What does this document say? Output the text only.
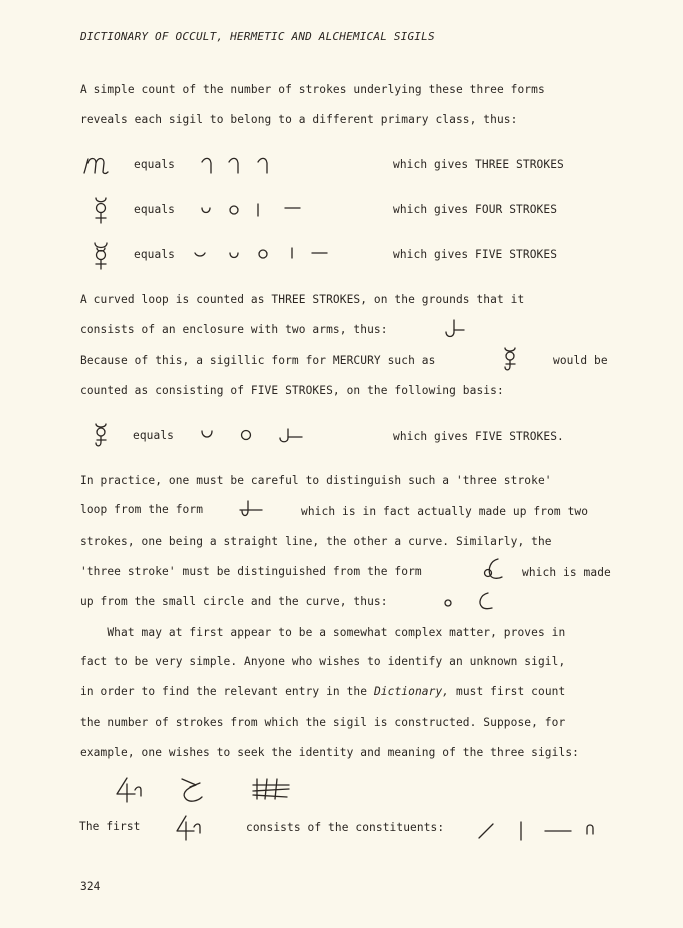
DICTIONARY OF OCCULT, HERMETIC AND ALCHEMICAL SIGILS
A simple count of the number of strokes underlying these three forms
reveals each sigil to belong to a different primary class, thus:
equals	which gives THREE STROKES
equals	which gives FOUR STROKES
equals	which gives FIVE STROKES
A curved loop is counted as THREE STROKES, on the grounds that it
consists of an enclosure with two arms, thus:
Because of this, a sigillic form for MERCURY such as	would be
counted as consisting of FIVE STROKES, on the following basis:
equals	which gives FIVE STROKES.
In practice, one must be careful to distinguish such a 'three stroke'
loop from the form	which is in fact actually made up from two
strokes, one being a straight line, the other a curve. Similarly, the
'three stroke' must be distinguished from the form	which is made
up from the small circle and the curve, thus:
What may at first appear to be a somewhat complex matter, proves in
fact to be very simple. Anyone who wishes to identify an unknown sigil,
in order to find the relevant entry in the Dictionary, must first count
the number of strokes from which the sigil is constructed. Suppose, for
example, one wishes to seek the identity and meaning of the three sigils:
The first	consists of the constituents:
324
